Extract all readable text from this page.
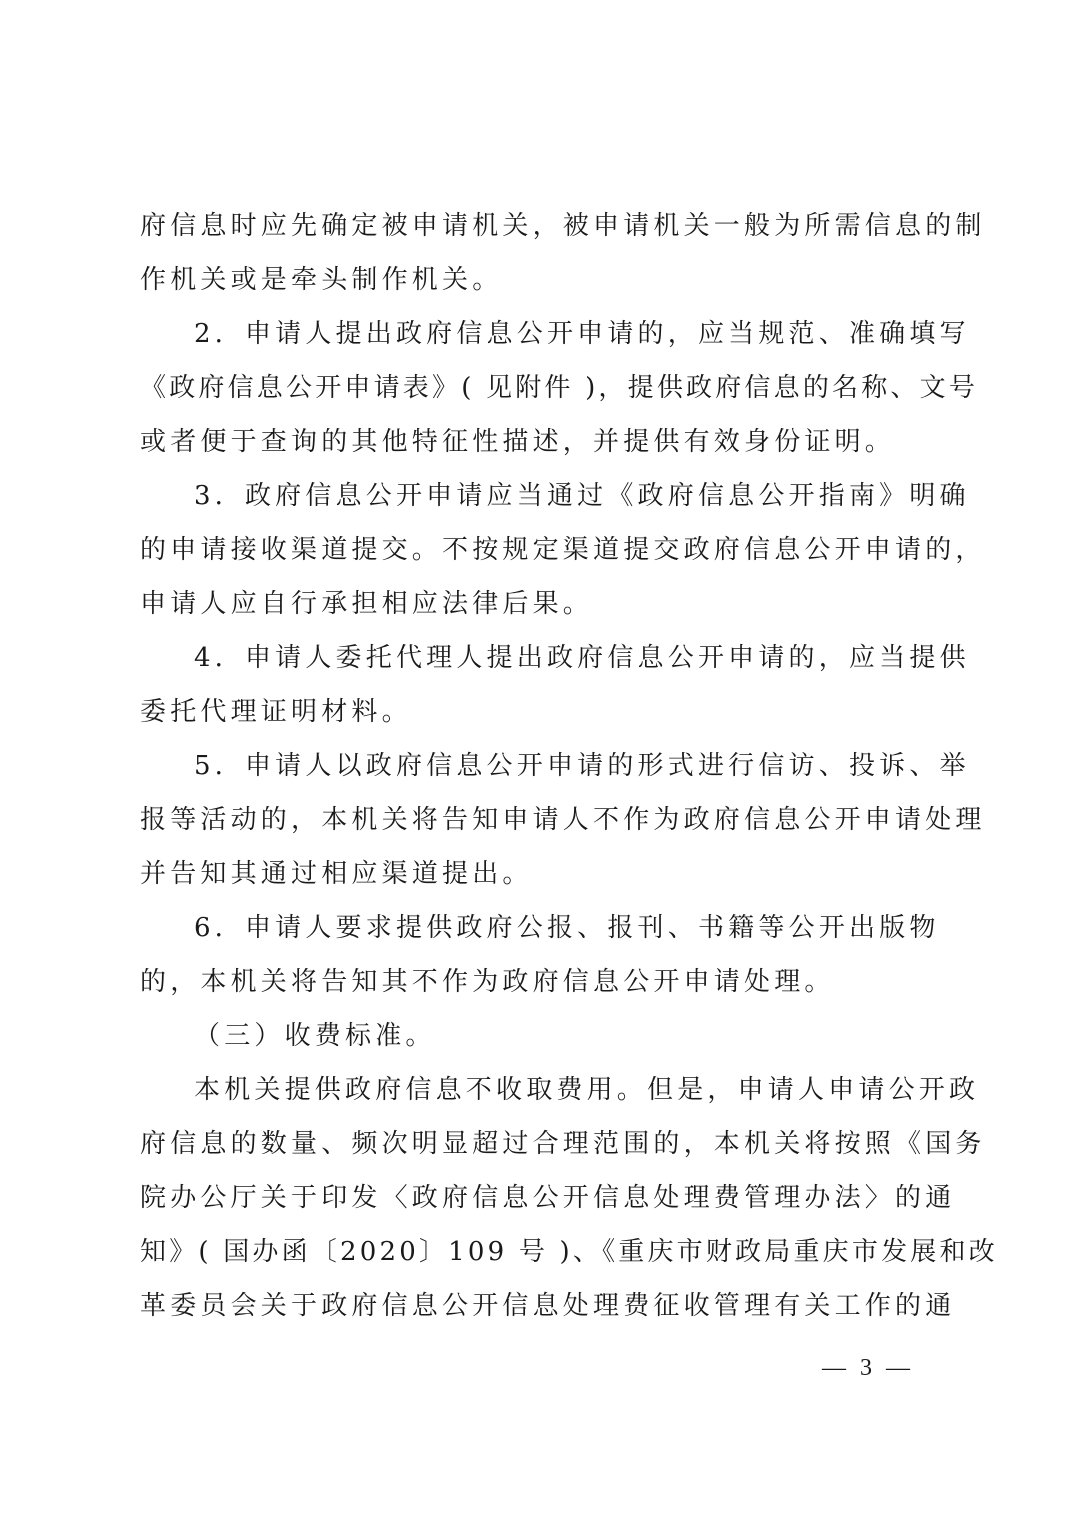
府信息时应先确定被申请机关，被申请机关一般为所需信息的制
作机关或是牵头制作机关。
2．申请人提出政府信息公开申请的，应当规范、准确填写
《政府信息公开申请表》( 见附件 )，提供政府信息的名称、文号
或者便于查询的其他特征性描述，并提供有效身份证明。
3．政府信息公开申请应当通过《政府信息公开指南》明确
的申请接收渠道提交。不按规定渠道提交政府信息公开申请的，
申请人应自行承担相应法律后果。
4．申请人委托代理人提出政府信息公开申请的，应当提供
委托代理证明材料。
5．申请人以政府信息公开申请的形式进行信访、投诉、举
报等活动的，本机关将告知申请人不作为政府信息公开申请处理
并告知其通过相应渠道提出。
6．申请人要求提供政府公报、报刊、书籍等公开出版物
的，本机关将告知其不作为政府信息公开申请处理。
（三）收费标准。
本机关提供政府信息不收取费用。但是，申请人申请公开政
府信息的数量、频次明显超过合理范围的，本机关将按照《国务
院办公厅关于印发〈政府信息公开信息处理费管理办法〉的通
知》( 国办函〔2020〕109 号 )、《重庆市财政局重庆市发展和改
革委员会关于政府信息公开信息处理费征收管理有关工作的通
— 3 —
